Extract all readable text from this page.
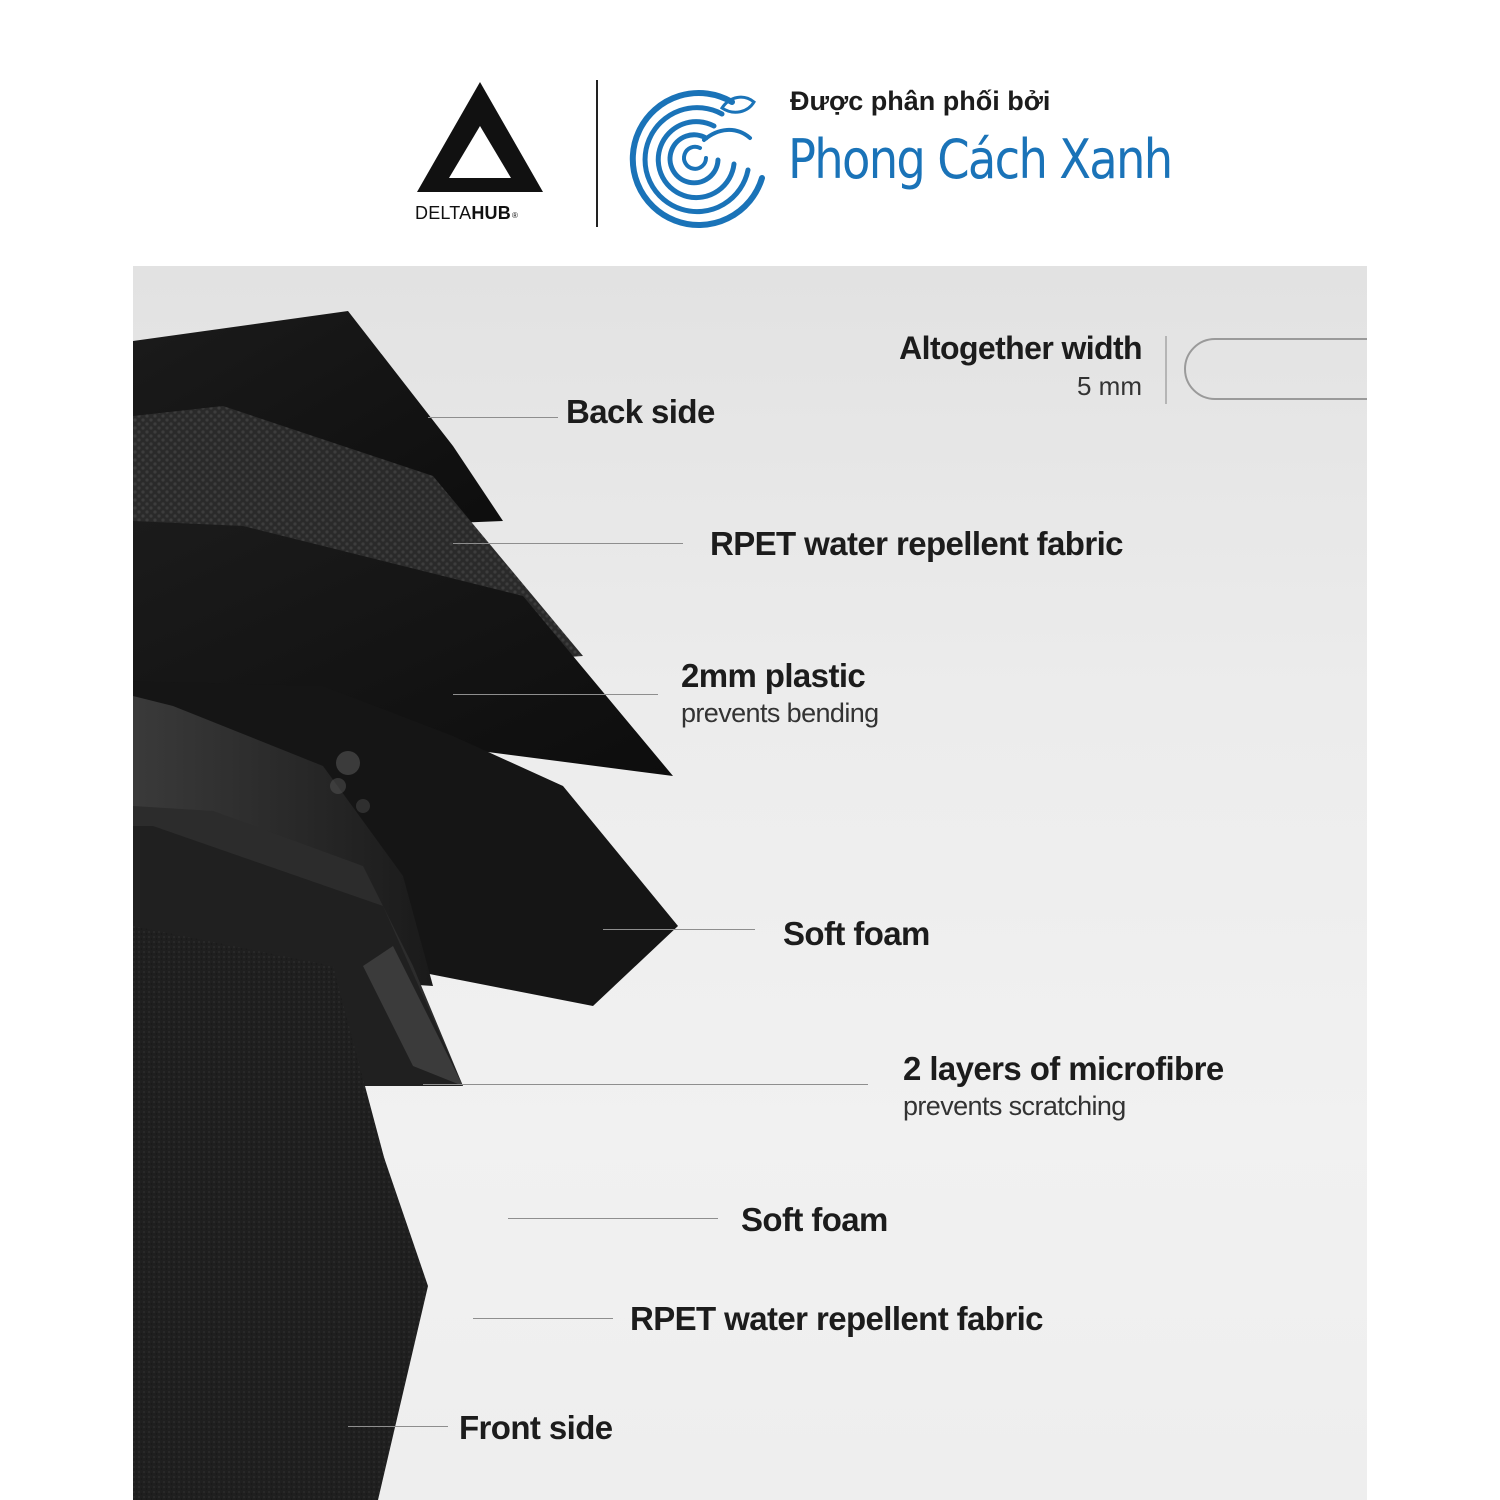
DELTAHUB®
Được phân phối bởi
Phong Cách Xanh
Altogether width
5 mm
Back side
RPET water repellent fabric
2mm plastic
prevents bending
Soft foam
2 layers of microfibre
prevents scratching
Soft foam
RPET water repellent fabric
Front side
